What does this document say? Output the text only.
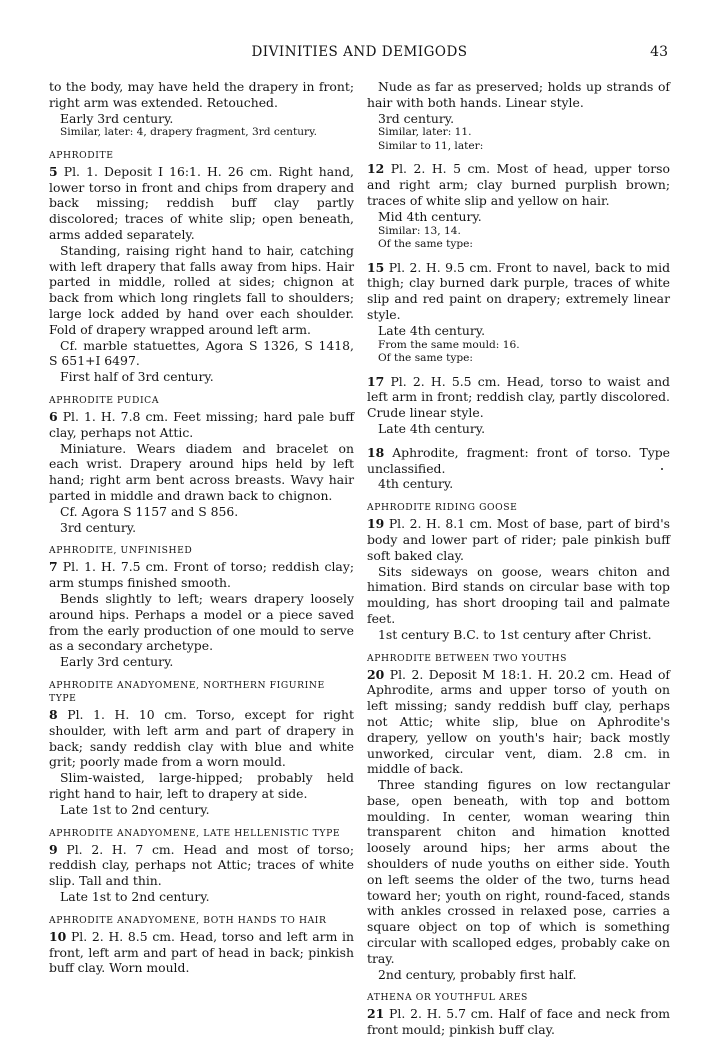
DIVINITIES AND DEMIGODS	43
to the body, may have held the drapery in front; right arm was extended. Retouched.
Early 3rd century.
Similar, later: 4, drapery fragment, 3rd century.
APHRODITE
5 Pl. 1. Deposit I 16:1. H. 26 cm. Right hand, lower torso in front and chips from drapery and back missing; reddish buff clay partly discolored; traces of white slip; open beneath, arms added separately.
Standing, raising right hand to hair, catching with left drapery that falls away from hips. Hair parted in middle, rolled at sides; chignon at back from which long ringlets fall to shoulders; large lock added by hand over each shoulder. Fold of drapery wrapped around left arm.
Cf. marble statuettes, Agora S 1326, S 1418, S 651+I 6497.
First half of 3rd century.
APHRODITE PUDICA
6 Pl. 1. H. 7.8 cm. Feet missing; hard pale buff clay, perhaps not Attic.
Miniature. Wears diadem and bracelet on each wrist. Drapery around hips held by left hand; right arm bent across breasts. Wavy hair parted in middle and drawn back to chignon.
Cf. Agora S 1157 and S 856.
3rd century.
APHRODITE, UNFINISHED
7 Pl. 1. H. 7.5 cm. Front of torso; reddish clay; arm stumps finished smooth.
Bends slightly to left; wears drapery loosely around hips. Perhaps a model or a piece saved from the early production of one mould to serve as a secondary archetype.
Early 3rd century.
APHRODITE ANADYOMENE, NORTHERN FIGURINE TYPE
8 Pl. 1. H. 10 cm. Torso, except for right shoulder, with left arm and part of drapery in back; sandy reddish clay with blue and white grit; poorly made from a worn mould.
Slim-waisted, large-hipped; probably held right hand to hair, left to drapery at side.
Late 1st to 2nd century.
APHRODITE ANADYOMENE, LATE HELLENISTIC TYPE
9 Pl. 2. H. 7 cm. Head and most of torso; reddish clay, perhaps not Attic; traces of white slip. Tall and thin.
Late 1st to 2nd century.
APHRODITE ANADYOMENE, BOTH HANDS TO HAIR
10 Pl. 2. H. 8.5 cm. Head, torso and left arm in front, left arm and part of head in back; pinkish buff clay. Worn mould.
Nude as far as preserved; holds up strands of hair with both hands. Linear style.
3rd century.
Similar, later: 11.
Similar to 11, later:
12 Pl. 2. H. 5 cm. Most of head, upper torso and right arm; clay burned purplish brown; traces of white slip and yellow on hair.
Mid 4th century.
Similar: 13, 14.
Of the same type:
15 Pl. 2. H. 9.5 cm. Front to navel, back to mid thigh; clay burned dark purple, traces of white slip and red paint on drapery; extremely linear style.
Late 4th century.
From the same mould: 16.
Of the same type:
17 Pl. 2. H. 5.5 cm. Head, torso to waist and left arm in front; reddish clay, partly discolored. Crude linear style.
Late 4th century.
18 Aphrodite, fragment: front of torso. Type unclassified.
4th century.
APHRODITE RIDING GOOSE
19 Pl. 2. H. 8.1 cm. Most of base, part of bird's body and lower part of rider; pale pinkish buff soft baked clay.
Sits sideways on goose, wears chiton and himation. Bird stands on circular base with top moulding, has short drooping tail and palmate feet.
1st century B.C. to 1st century after Christ.
APHRODITE BETWEEN TWO YOUTHS
20 Pl. 2. Deposit M 18:1. H. 20.2 cm. Head of Aphrodite, arms and upper torso of youth on left missing; sandy reddish buff clay, perhaps not Attic; white slip, blue on Aphrodite's drapery, yellow on youth's hair; back mostly unworked, circular vent, diam. 2.8 cm. in middle of back.
Three standing figures on low rectangular base, open beneath, with top and bottom moulding. In center, woman wearing thin transparent chiton and himation knotted loosely around hips; her arms about the shoulders of nude youths on either side. Youth on left seems the older of the two, turns head toward her; youth on right, round-faced, stands with ankles crossed in relaxed pose, carries a square object on top of which is something circular with scalloped edges, probably cake on tray.
2nd century, probably first half.
ATHENA OR YOUTHFUL ARES
21 Pl. 2. H. 5.7 cm. Half of face and neck from front mould; pinkish buff clay.
